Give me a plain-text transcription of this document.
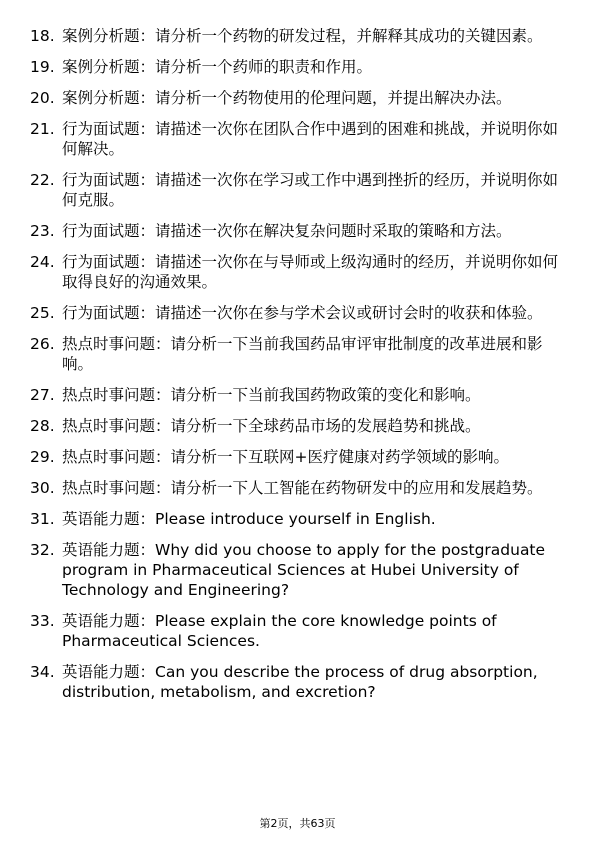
18. 案例分析题：请分析一个药物的研发过程，并解释其成功的关键因素。
19. 案例分析题：请分析一个药师的职责和作用。
20. 案例分析题：请分析一个药物使用的伦理问题，并提出解决办法。
21. 行为面试题：请描述一次你在团队合作中遇到的困难和挑战，并说明你如何解决。
22. 行为面试题：请描述一次你在学习或工作中遇到挫折的经历，并说明你如何克服。
23. 行为面试题：请描述一次你在解决复杂问题时采取的策略和方法。
24. 行为面试题：请描述一次你在与导师或上级沟通时的经历，并说明你如何取得良好的沟通效果。
25. 行为面试题：请描述一次你在参与学术会议或研讨会时的收获和体验。
26. 热点时事问题：请分析一下当前我国药品审评审批制度的改革进展和影响。
27. 热点时事问题：请分析一下当前我国药物政策的变化和影响。
28. 热点时事问题：请分析一下全球药品市场的发展趋势和挑战。
29. 热点时事问题：请分析一下互联网+医疗健康对药学领域的影响。
30. 热点时事问题：请分析一下人工智能在药物研发中的应用和发展趋势。
31. 英语能力题：Please introduce yourself in English.
32. 英语能力题：Why did you choose to apply for the postgraduate program in Pharmaceutical Sciences at Hubei University of Technology and Engineering?
33. 英语能力题：Please explain the core knowledge points of Pharmaceutical Sciences.
34. 英语能力题：Can you describe the process of drug absorption, distribution, metabolism, and excretion?
第2页，共63页
